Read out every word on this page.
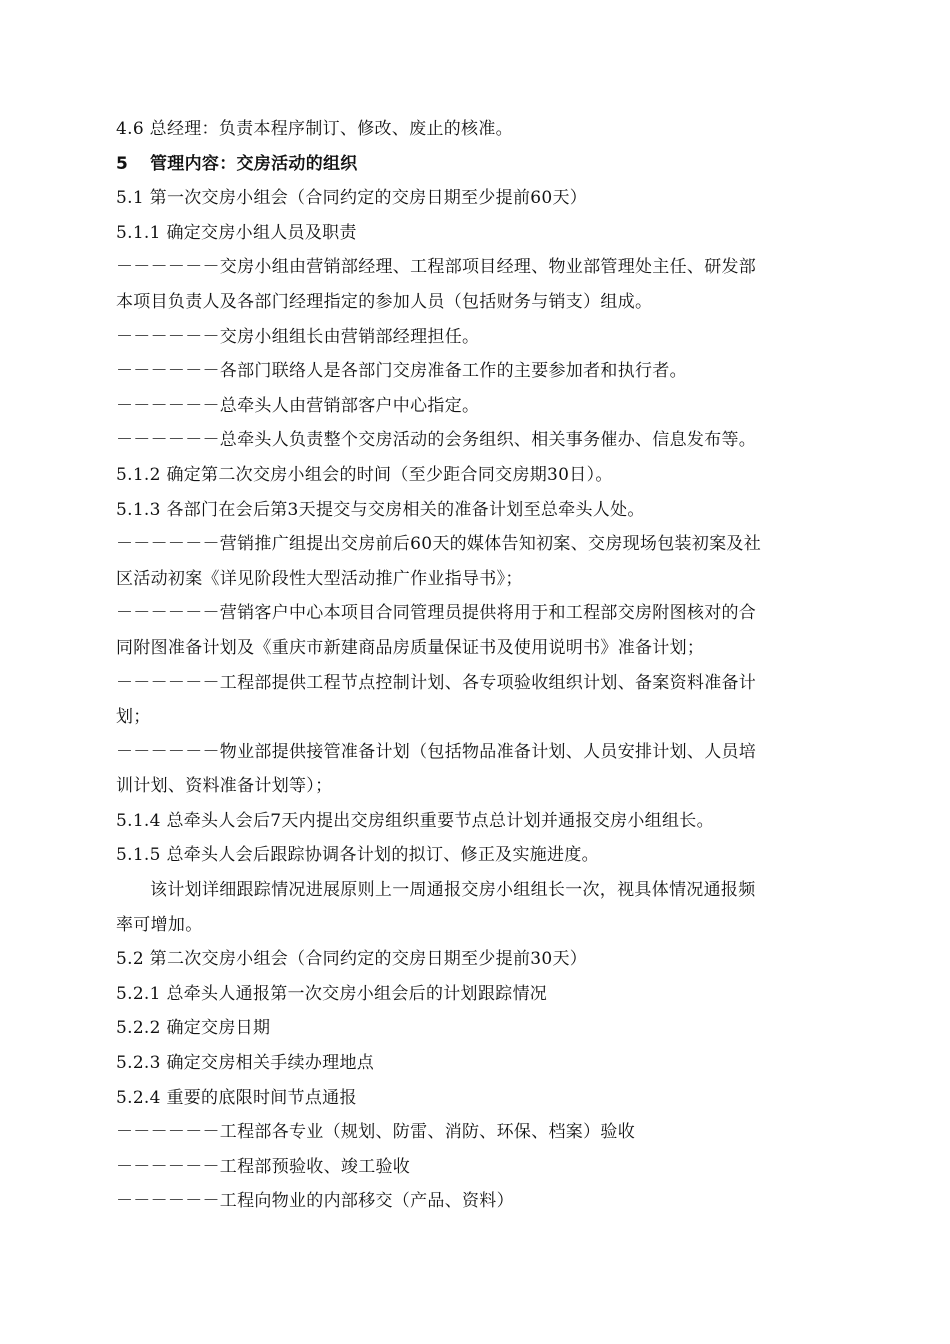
4.6 总经理：负责本程序制订、修改、废止的核准。
5 管理内容：交房活动的组织
5.1 第一次交房小组会（合同约定的交房日期至少提前60天）
5.1.1 确定交房小组人员及职责
－－－－－－交房小组由营销部经理、工程部项目经理、物业部管理处主任、研发部
本项目负责人及各部门经理指定的参加人员（包括财务与销支）组成。
－－－－－－交房小组组长由营销部经理担任。
－－－－－－各部门联络人是各部门交房准备工作的主要参加者和执行者。
－－－－－－总牵头人由营销部客户中心指定。
－－－－－－总牵头人负责整个交房活动的会务组织、相关事务催办、信息发布等。
5.1.2 确定第二次交房小组会的时间（至少距合同交房期30日）。
5.1.3 各部门在会后第3天提交与交房相关的准备计划至总牵头人处。
－－－－－－营销推广组提出交房前后60天的媒体告知初案、交房现场包装初案及社
区活动初案《详见阶段性大型活动推广作业指导书》；
－－－－－－营销客户中心本项目合同管理员提供将用于和工程部交房附图核对的合
同附图准备计划及《重庆市新建商品房质量保证书及使用说明书》准备计划；
－－－－－－工程部提供工程节点控制计划、各专项验收组织计划、备案资料准备计
划；
－－－－－－物业部提供接管准备计划（包括物品准备计划、人员安排计划、人员培
训计划、资料准备计划等）；
5.1.4 总牵头人会后7天内提出交房组织重要节点总计划并通报交房小组组长。
5.1.5 总牵头人会后跟踪协调各计划的拟订、修正及实施进度。
该计划详细跟踪情况进展原则上一周通报交房小组组长一次，视具体情况通报频
率可增加。
5.2 第二次交房小组会（合同约定的交房日期至少提前30天）
5.2.1 总牵头人通报第一次交房小组会后的计划跟踪情况
5.2.2 确定交房日期
5.2.3 确定交房相关手续办理地点
5.2.4 重要的底限时间节点通报
－－－－－－工程部各专业（规划、防雷、消防、环保、档案）验收
－－－－－－工程部预验收、竣工验收
－－－－－－工程向物业的内部移交（产品、资料）
